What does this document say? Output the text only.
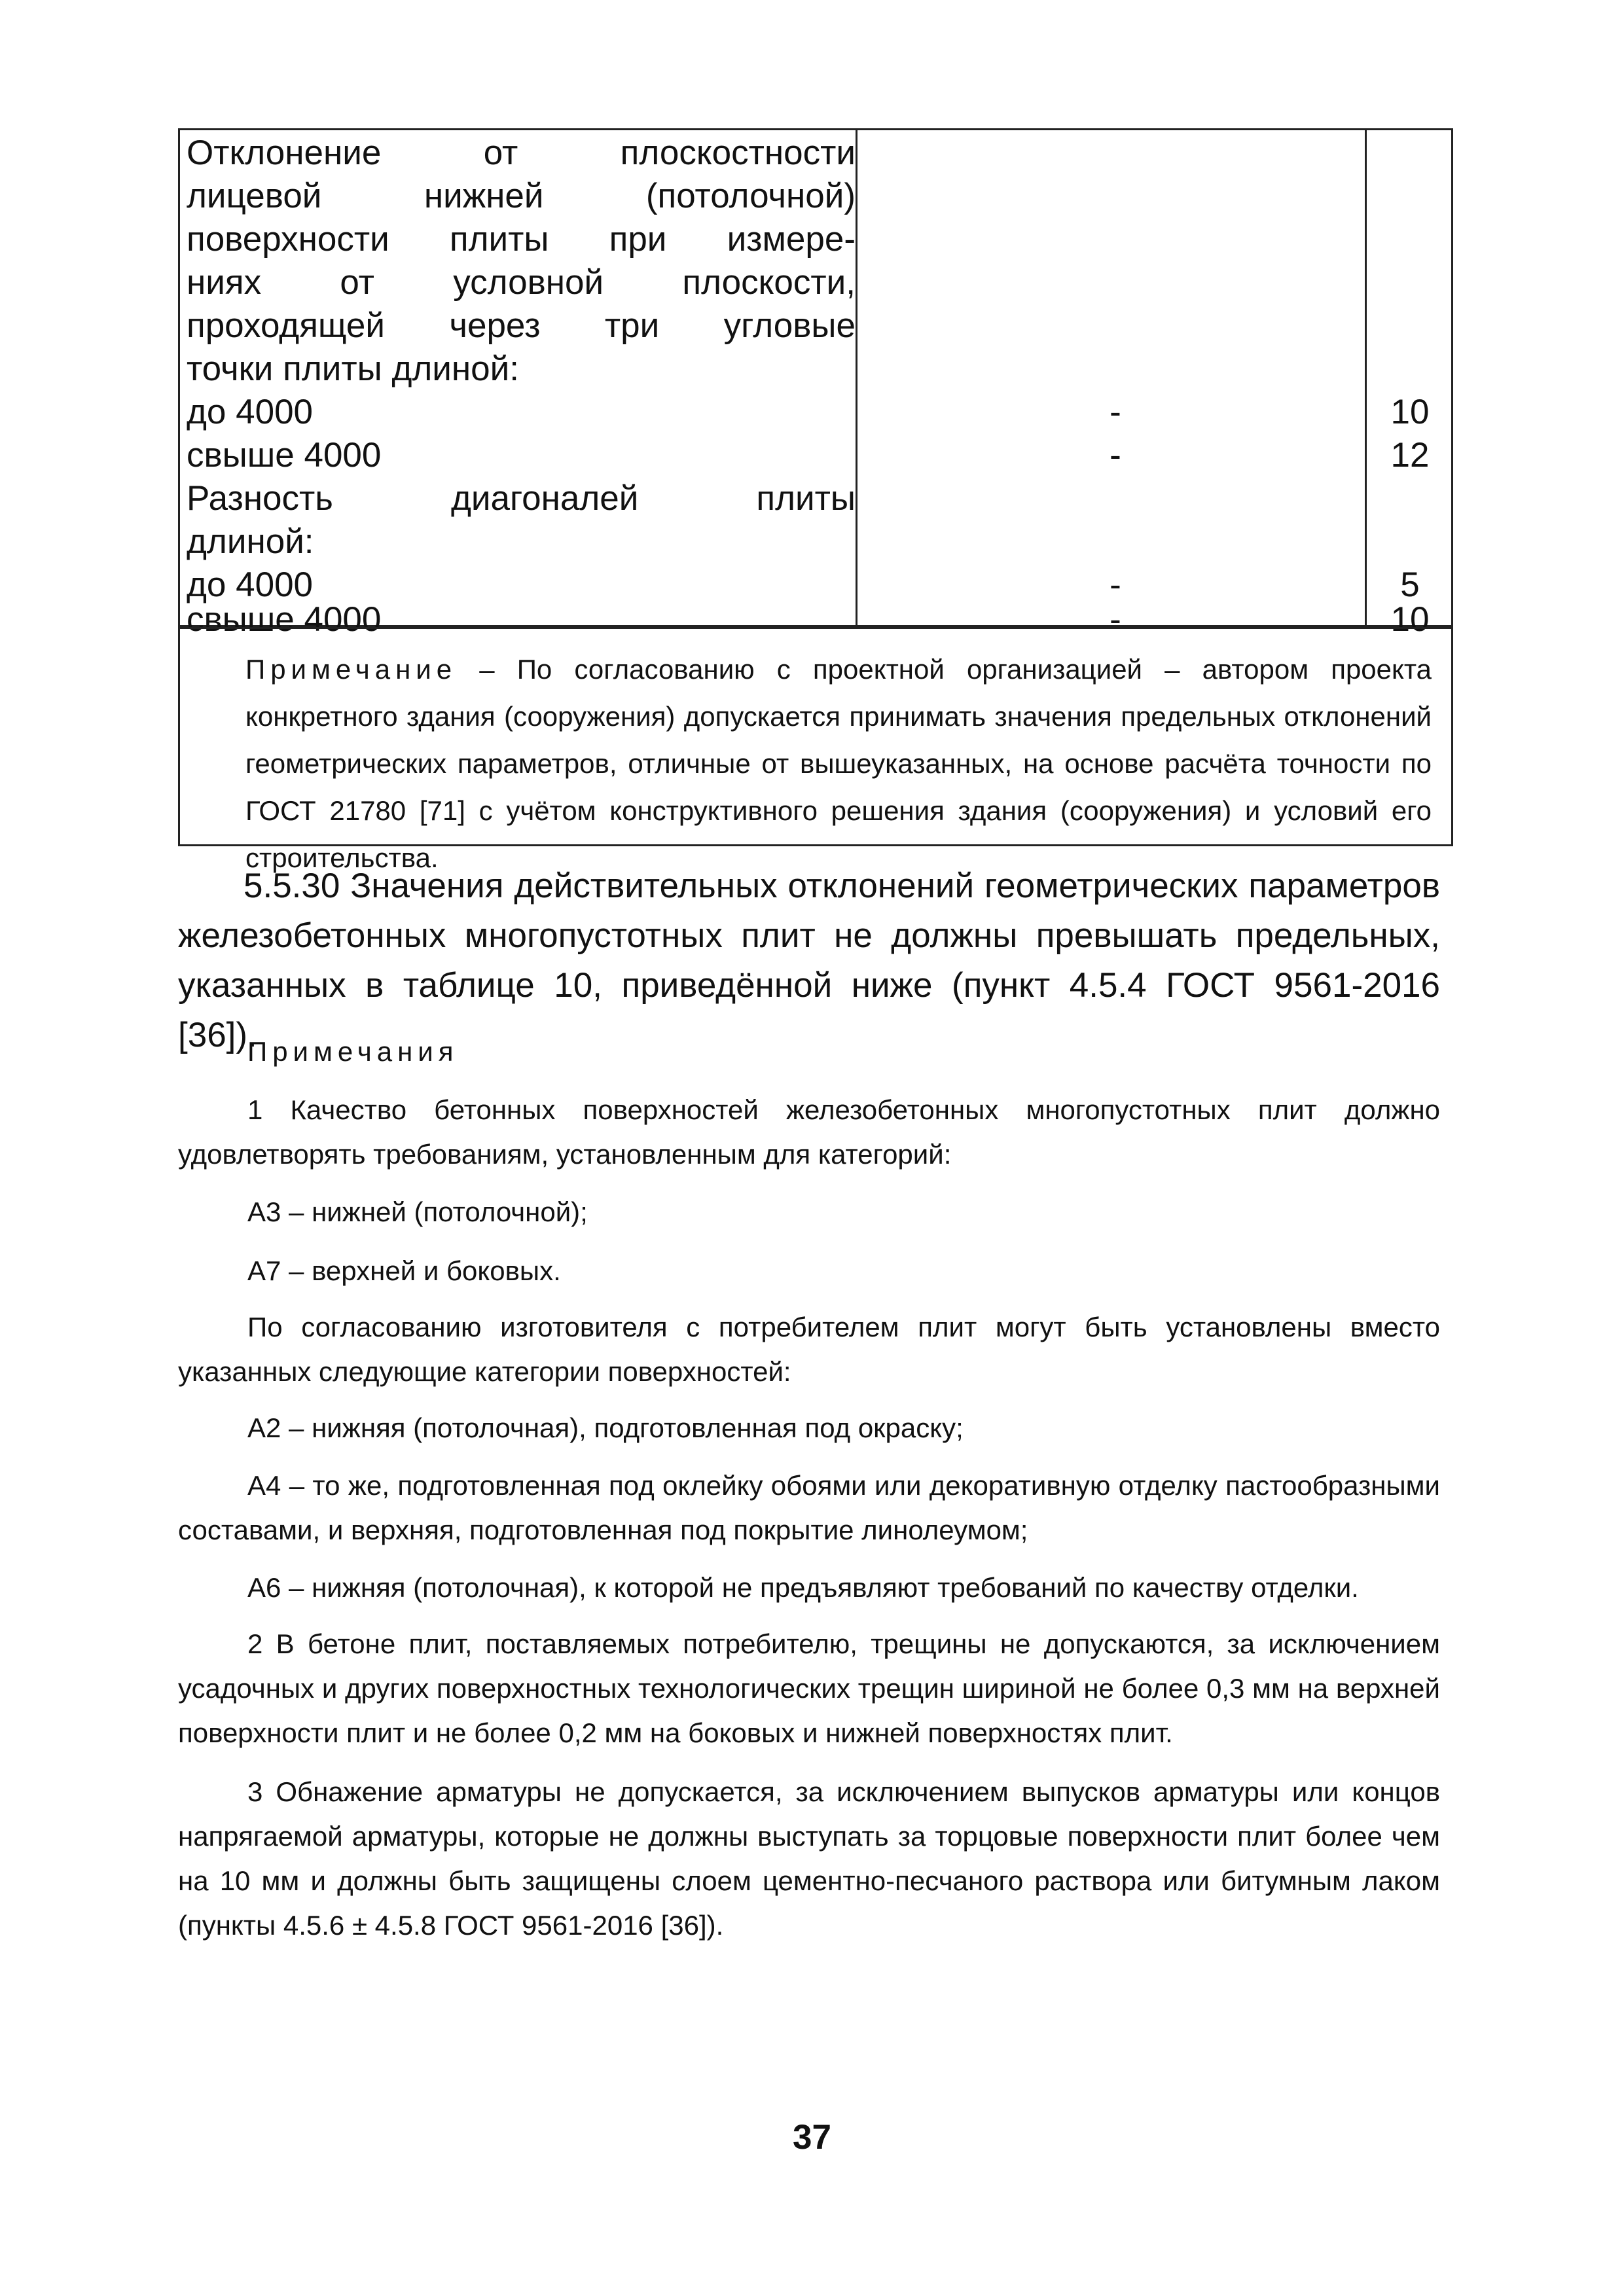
Отклонение от плоскостности
лицевой нижней (потолочной)
поверхности плиты при измере-
ниях от условной плоскости,
проходящей через три угловые
точки плиты длиной:
до 4000	-	10
свыше 4000	-	12
Разность диагоналей плиты
длиной:
до 4000	-	5
свыше 4000	-	10

Примечание – По согласованию с проектной организацией – автором проекта конкретного здания (сооружения) допускается принимать значения предельных отклонений геометрических параметров, отличные от вышеуказанных, на основе расчёта точности по ГОСТ 21780 [71] с учётом конструктивного решения здания (сооружения) и условий его строительства.

5.5.30 Значения действительных отклонений геометрических параметров железобетонных многопустотных плит не должны превышать предельных, указанных в таблице 10, приведённой ниже (пункт 4.5.4 ГОСТ 9561-2016 [36]).

Примечания

1 Качество бетонных поверхностей железобетонных многопустотных плит должно удовлетворять требованиям, установленным для категорий:

А3 – нижней (потолочной);

А7 – верхней и боковых.

По согласованию изготовителя с потребителем плит могут быть установлены вместо указанных следующие категории поверхностей:

А2 – нижняя (потолочная), подготовленная под окраску;

А4 – то же, подготовленная под оклейку обоями или декоративную отделку пастообразными составами, и верхняя, подготовленная под покрытие линолеумом;

А6 – нижняя (потолочная), к которой не предъявляют требований по качеству отделки.

2 В бетоне плит, поставляемых потребителю, трещины не допускаются, за исключением усадочных и других поверхностных технологических трещин шириной не более 0,3 мм на верхней поверхности плит и не более 0,2 мм на боковых и нижней поверхностях плит.

3 Обнажение арматуры не допускается, за исключением выпусков арматуры или концов напрягаемой арматуры, которые не должны выступать за торцовые поверхности плит более чем на 10 мм и должны быть защищены слоем цементно-песчаного раствора или битумным лаком (пункты 4.5.6 ± 4.5.8 ГОСТ 9561-2016 [36]).

37
